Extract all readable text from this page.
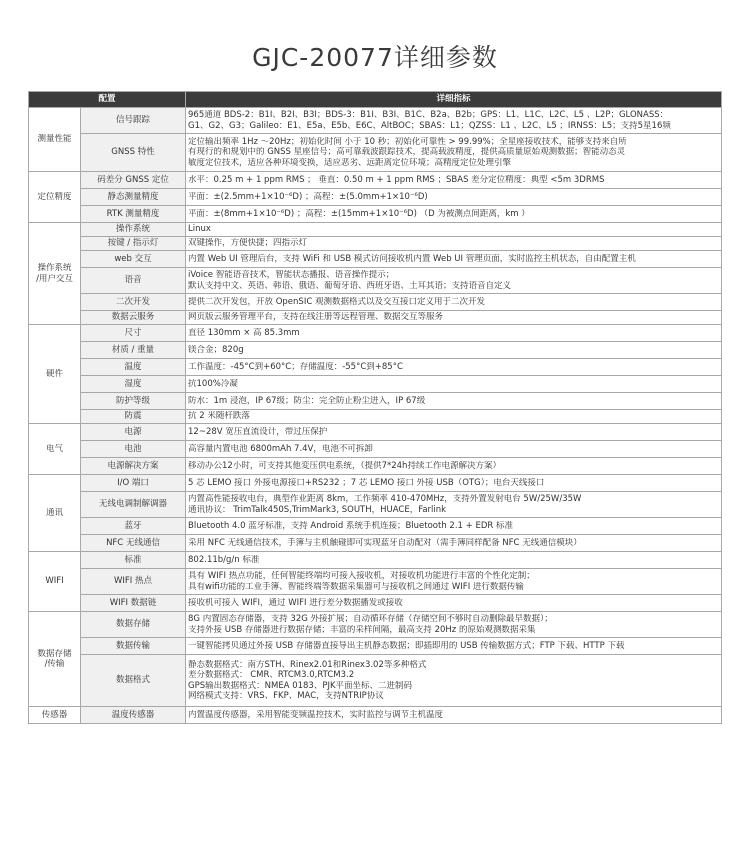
GJC-20077详细参数
配置		详细指标

测量性能	信号跟踪	965通道 BDS-2：B1I、B2I、B3I；BDS-3：B1I、B3I、B1C、B2a、B2b；GPS：L1、L1C、L2C、L5 、L2P；GLONASS：
G1、G2、G3；Galileo：E1、E5a、E5b、E6C、AltBOC；SBAS：L1；QZSS：L1 、L2C、L5 ；IRNSS：L5；支持5星16频

	GNSS 特性	定位输出频率 1Hz ～20Hz；初始化时间 小于 10 秒；初始化可靠性 > 99.99%；全星座接收技术，能够支持来自所
有现行的和规划中的 GNSS 星座信号；高可靠载波跟踪技术，提高载波精度，提供高质量原始观测数据；智能动态灵
敏度定位技术，适应各种环境变换，适应恶劣、远距离定位环境；高精度定位处理引擎

定位精度	码差分 GNSS 定位	水平：0.25 m + 1 ppm RMS ； 垂直：0.50 m + 1 ppm RMS ；SBAS 差分定位精度：典型 <5m 3DRMS

	静态测量精度	平面：±(2.5mm+1×10⁻⁶D) ；高程：±(5.0mm+1×10⁻⁶D)

	RTK 测量精度	平面：±(8mm+1×10⁻⁶D) ；高程：±(15mm+1×10⁻⁶D) （D 为被测点间距离，km ）

操作系统
/用户交互	操作系统	Linux

	按键 / 指示灯	双键操作，方便快捷；四指示灯

	web 交互	内置 Web UI 管理后台，支持 WiFi 和 USB 模式访问接收机内置 Web UI 管理页面，实时监控主机状态，自由配置主机

	语音	iVoice 智能语音技术，智能状态播报、语音操作提示；
默认支持中文、英语、韩语、俄语、葡萄牙语、西班牙语、土耳其语；支持语音自定义

	二次开发	提供二次开发包，开放 OpenSIC 观测数据格式以及交互接口定义用于二次开发

	数据云服务	网页版云服务管理平台，支持在线注册等远程管理、数据交互等服务

硬件	尺寸	直径 130mm × 高 85.3mm

	材质 / 重量	镁合金；820g

	温度	工作温度：-45°C到+60°C；存储温度：-55°C到+85°C

	湿度	抗100%冷凝

	防护等级	防水：1m 浸泡，IP 67级；防尘：完全防止粉尘进入，IP 67级

	防震	抗 2 米随杆跌落

电气	电源	12~28V 宽压直流设计，带过压保护

	电池	高容量内置电池 6800mAh 7.4V，电池不可拆卸

	电源解决方案	移动办公12小时，可支持其他変压供电系统，（提供7*24h持续工作电源解决方案）

通讯	I/O 端口	5 芯 LEMO 接口 外接电源接口+RS232 ；7 芯 LEMO 接口 外接 USB（OTG）；电台天线接口

	无线电调制解调器	内置高性能接收电台，典型作业距离 8km，工作频率 410-470MHz，支持外置发射电台 5W/25W/35W
通讯协议： TrimTalk450S,TrimMark3, SOUTH，HUACE，Farlink

	蓝牙	Bluetooth 4.0 蓝牙标准，支持 Android 系统手机连接；Bluetooth 2.1 + EDR 标准

	NFC 无线通信	采用 NFC 无线通信技术，手簿与主机触碰即可实现蓝牙自动配对（需手簿同样配备 NFC 无线通信模块）

WIFI	标准	802.11b/g/n 标准

	WIFI 热点	具有 WIFI 热点功能，任何智能终端均可接入接收机，对接收机功能进行丰富的个性化定制；
具有wifi功能的工业手簿、智能终端等数据采集器可与接收机之间通过 WIFI 进行数据传输

	WIFI 数据链	接收机可接入 WIFI，通过 WIFI 进行差分数据播发或接收

数据存储
/传输	数据存储	8G 内置固态存储器，支持 32G 外接扩展；自动循环存储（存储空间不够时自动删除最早数据）；
支持外接 USB 存储器进行数据存储；丰富的采样间隔，最高支持 20Hz 的原始观测数据采集

	数据传输	一键智能拷贝通过外接 USB 存储器直接导出主机静态数据；即插即用的 USB 传输数据方式；FTP 下载、HTTP 下载

	数据格式	静态数据格式：南方STH、Rinex2.01和Rinex3.02等多种格式
差分数据格式： CMR、RTCM3.0,RTCM3.2
GPS输出数据格式：NMEA 0183、PJK平面坐标、二进制码
网络模式支持：VRS、FKP、MAC，支持NTRIP协议

传感器	温度传感器	内置温度传感器，采用智能变频温控技术，实时监控与调节主机温度
